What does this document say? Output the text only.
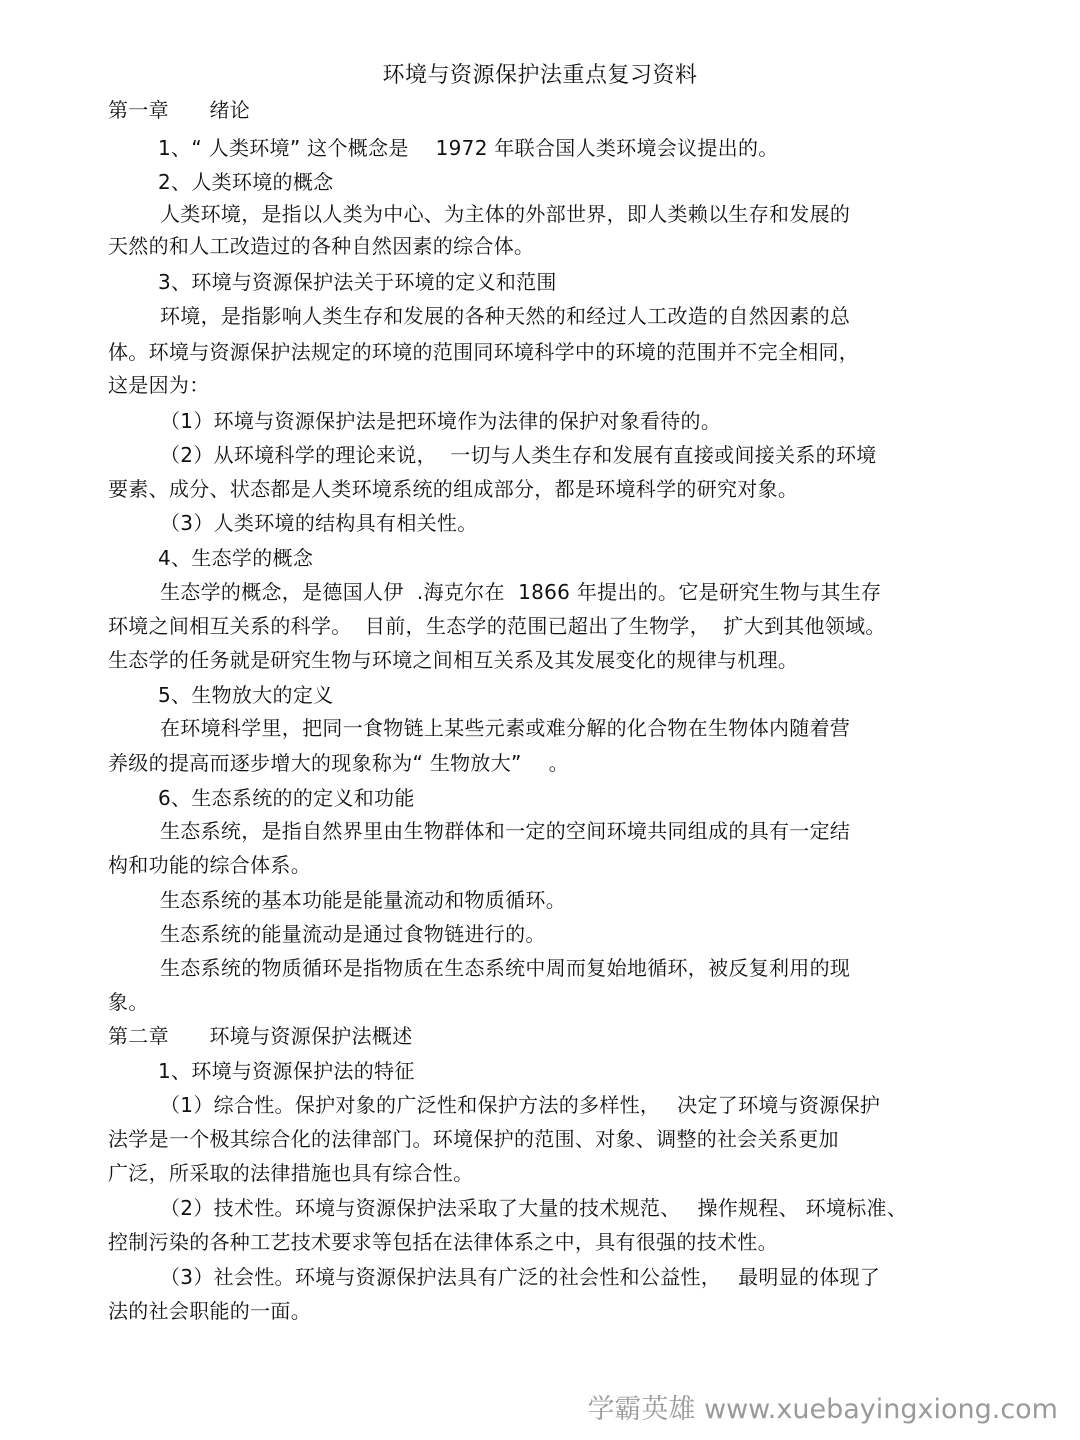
环境与资源保护法重点复习资料
第一章　　绪论
1、“ 人类环境” 这个概念是　 1972 年联合国人类环境会议提出的。
2、人类环境的概念
人类环境，是指以人类为中心、为主体的外部世界，即人类赖以生存和发展的
天然的和人工改造过的各种自然因素的综合体。
3、环境与资源保护法关于环境的定义和范围
环境，是指影响人类生存和发展的各种天然的和经过人工改造的自然因素的总
体。环境与资源保护法规定的环境的范围同环境科学中的环境的范围并不完全相同，
这是因为：
（1）环境与资源保护法是把环境作为法律的保护对象看待的。
（2）从环境科学的理论来说，  一切与人类生存和发展有直接或间接关系的环境
要素、成分、状态都是人类环境系统的组成部分，都是环境科学的研究对象。
（3）人类环境的结构具有相关性。
4、生态学的概念
生态学的概念，是德国人伊  .海克尔在  1866 年提出的。它是研究生物与其生存
环境之间相互关系的科学。  目前，生态学的范围已超出了生物学，  扩大到其他领域。
生态学的任务就是研究生物与环境之间相互关系及其发展变化的规律与机理。
5、生物放大的定义
在环境科学里，把同一食物链上某些元素或难分解的化合物在生物体内随着营
养级的提高而逐步增大的现象称为“ 生物放大”　 。
6、生态系统的的定义和功能
生态系统，是指自然界里由生物群体和一定的空间环境共同组成的具有一定结
构和功能的综合体系。
生态系统的基本功能是能量流动和物质循环。
生态系统的能量流动是通过食物链进行的。
生态系统的物质循环是指物质在生态系统中周而复始地循环，被反复利用的现
象。
第二章　　环境与资源保护法概述
1、环境与资源保护法的特征
（1）综合性。保护对象的广泛性和保护方法的多样性，　 决定了环境与资源保护
法学是一个极其综合化的法律部门。环境保护的范围、对象、调整的社会关系更加
广泛，所采取的法律措施也具有综合性。
（2）技术性。环境与资源保护法采取了大量的技术规范、　 操作规程、 环境标准、
控制污染的各种工艺技术要求等包括在法律体系之中，具有很强的技术性。
（3）社会性。环境与资源保护法具有广泛的社会性和公益性，　 最明显的体现了
法的社会职能的一面。
学霸英雄 www.xuebayingxiong.com
